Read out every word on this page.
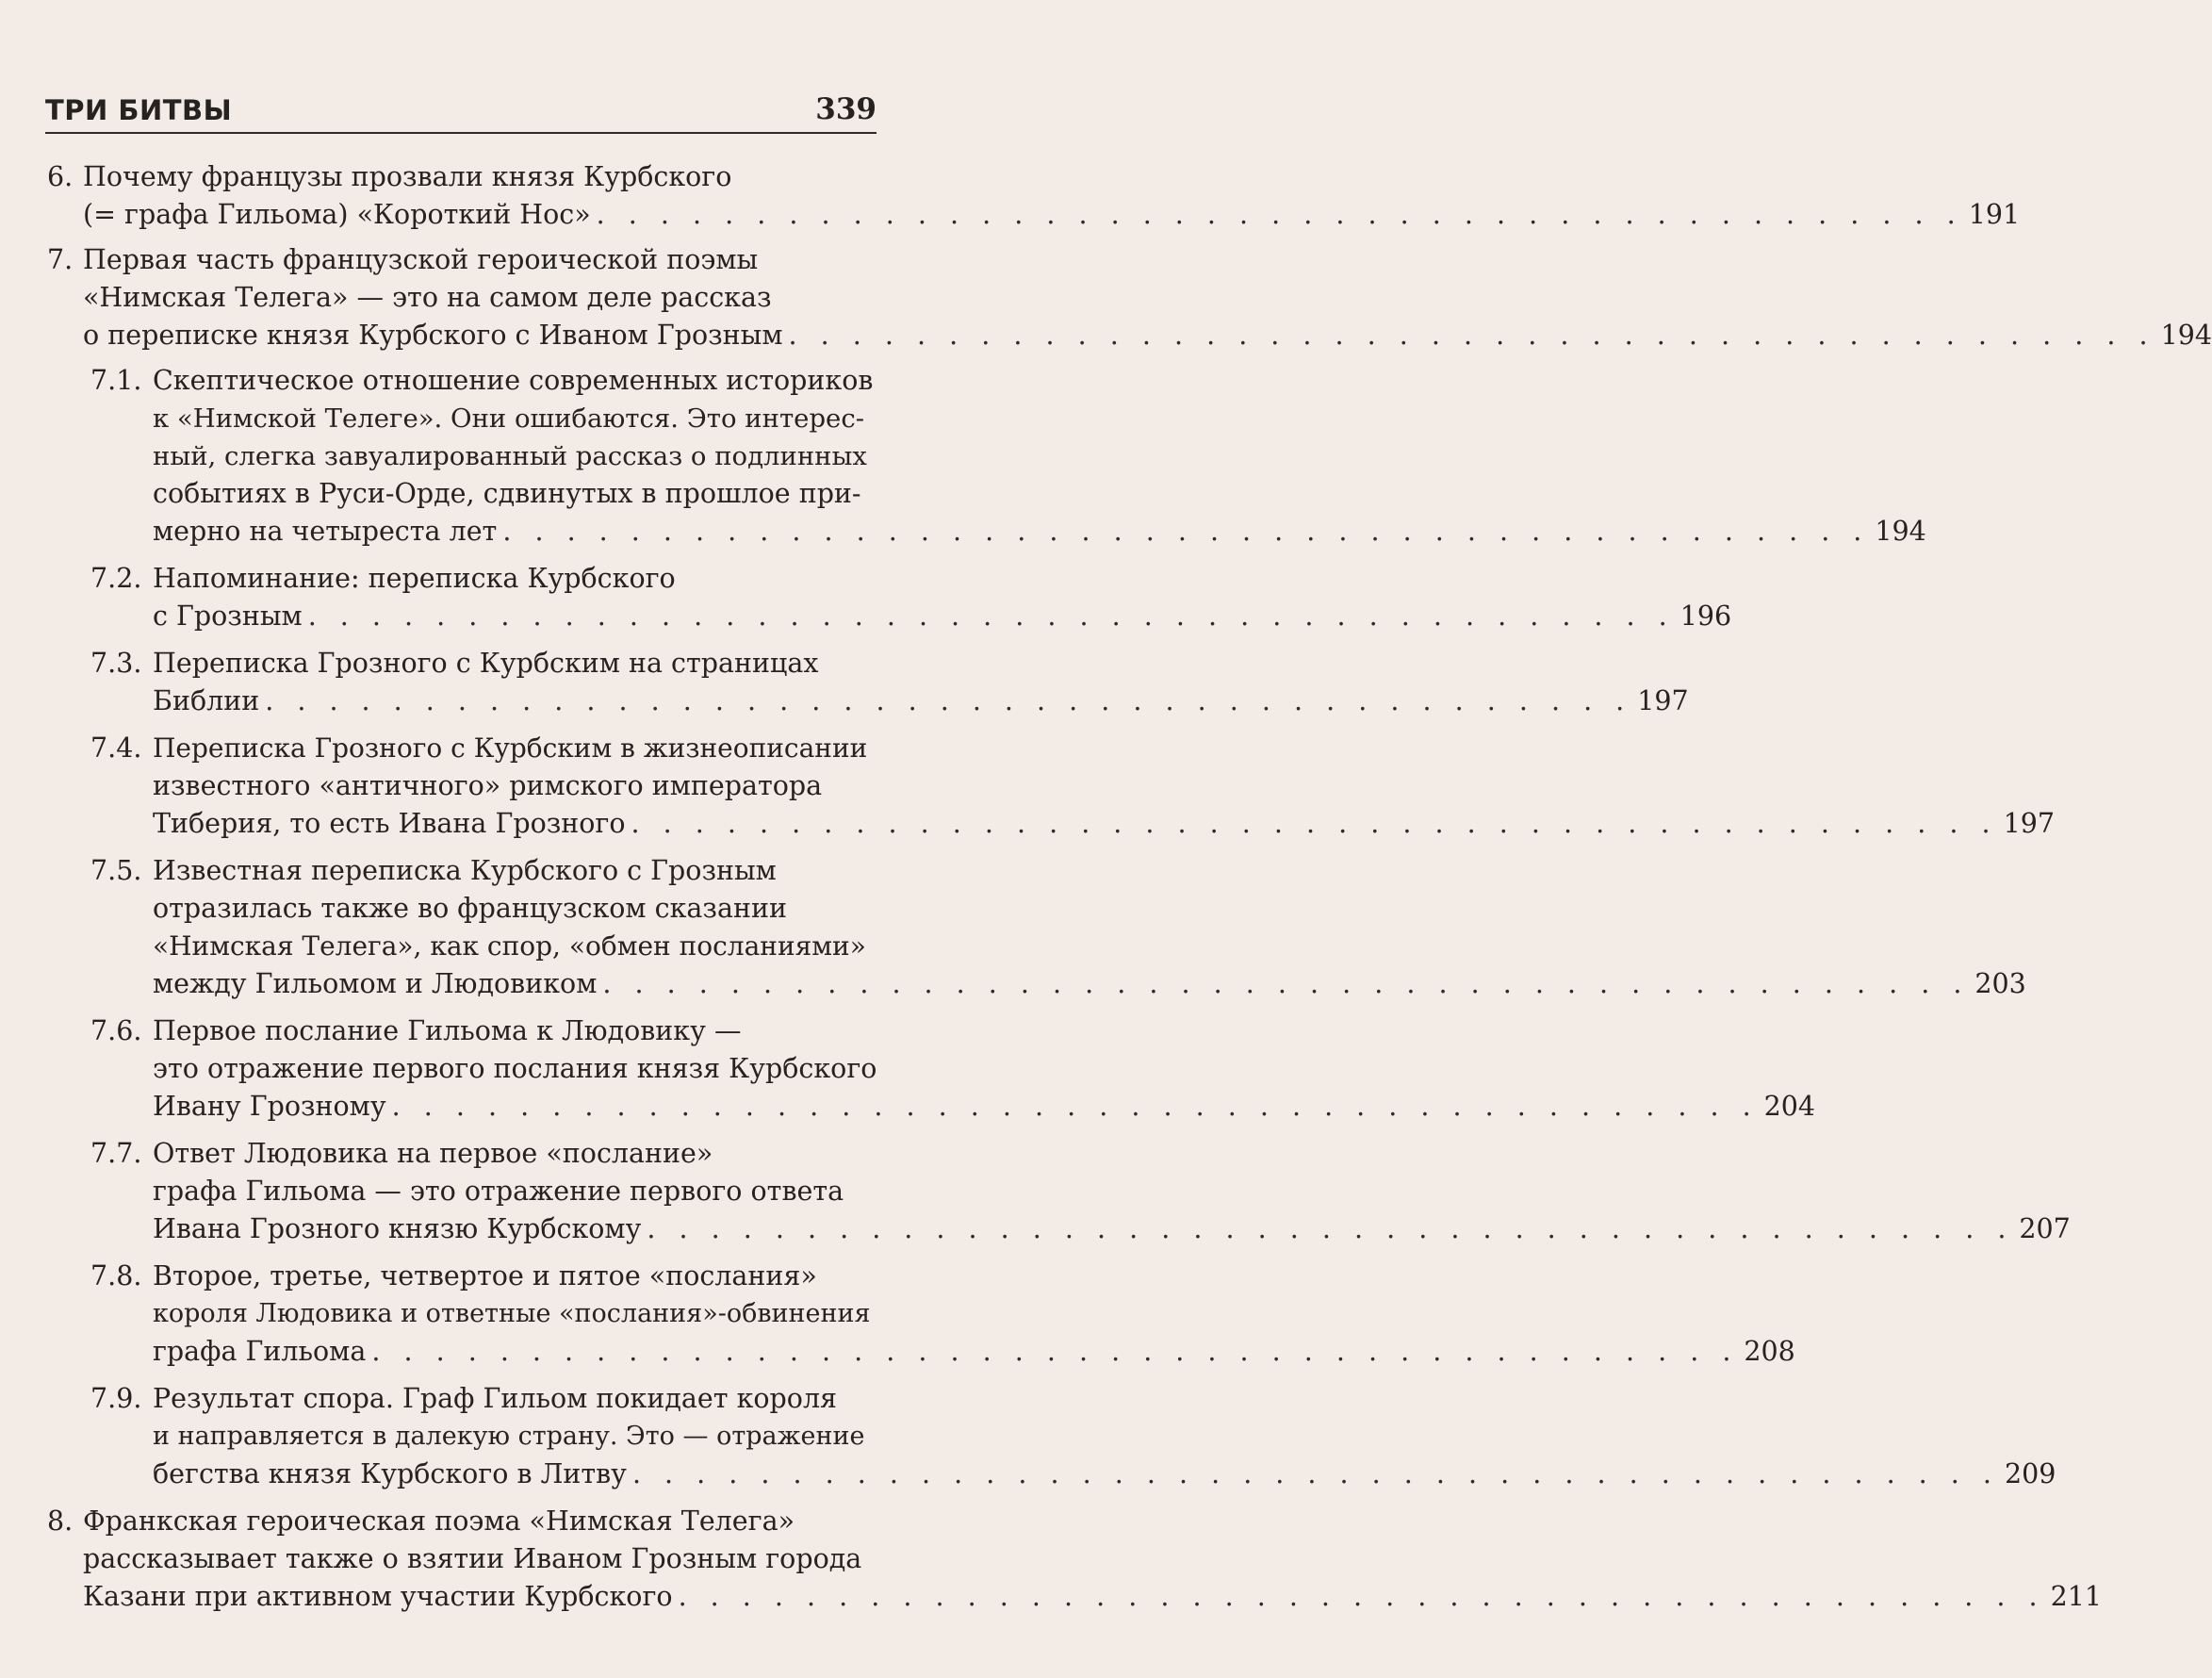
ТРИ БИТВЫ	339
6. Почему французы прозвали князя Курбского
(= графа Гильома) «Короткий Нос» . . . . . . . . . . . . . . . . . . . . . . . . . . . . . . . . . . . . . . . . . . . 191
7. Первая часть французской героической поэмы
«Нимская Телега» — это на самом деле рассказ
о переписке князя Курбского с Иваном Грозным . . . . . . . . . . . . . . . . . . . . . . . . . . . . . . . . . . . . . . . . . . . 194
7.1. Скептическое отношение современных историков
к «Нимской Телеге». Они ошибаются. Это интерес-
ный, слегка завуалированный рассказ о подлинных
событиях в Руси-Орде, сдвинутых в прошлое при-
мерно на четыреста лет . . . . . . . . . . . . . . . . . . . . . . . . . . . . . . . . . . . . . . . . . . . 194
7.2. Напоминание: переписка Курбского
с Грозным . . . . . . . . . . . . . . . . . . . . . . . . . . . . . . . . . . . . . . . . . . . 196
7.3. Переписка Грозного с Курбским на страницах
Библии . . . . . . . . . . . . . . . . . . . . . . . . . . . . . . . . . . . . . . . . . . . 197
7.4. Переписка Грозного с Курбским в жизнеописании
известного «античного» римского императора
Тиберия, то есть Ивана Грозного . . . . . . . . . . . . . . . . . . . . . . . . . . . . . . . . . . . . . . . . . . . 197
7.5. Известная переписка Курбского с Грозным
отразилась также во французском сказании
«Нимская Телега», как спор, «обмен посланиями»
между Гильомом и Людовиком . . . . . . . . . . . . . . . . . . . . . . . . . . . . . . . . . . . . . . . . . . . 203
7.6. Первое послание Гильома к Людовику —
это отражение первого послания князя Курбского
Ивану Грозному . . . . . . . . . . . . . . . . . . . . . . . . . . . . . . . . . . . . . . . . . . . 204
7.7. Ответ Людовика на первое «послание»
графа Гильома — это отражение первого ответа
Ивана Грозного князю Курбскому . . . . . . . . . . . . . . . . . . . . . . . . . . . . . . . . . . . . . . . . . . . 207
7.8. Второе, третье, четвертое и пятое «послания»
короля Людовика и ответные «послания»-обвинения
графа Гильома . . . . . . . . . . . . . . . . . . . . . . . . . . . . . . . . . . . . . . . . . . . 208
7.9. Результат спора. Граф Гильом покидает короля
и направляется в далекую страну. Это — отражение
бегства князя Курбского в Литву . . . . . . . . . . . . . . . . . . . . . . . . . . . . . . . . . . . . . . . . . . . 209
8. Франкская героическая поэма «Нимская Телега»
рассказывает также о взятии Иваном Грозным города
Казани при активном участии Курбского . . . . . . . . . . . . . . . . . . . . . . . . . . . . . . . . . . . . . . . . . . . 211
